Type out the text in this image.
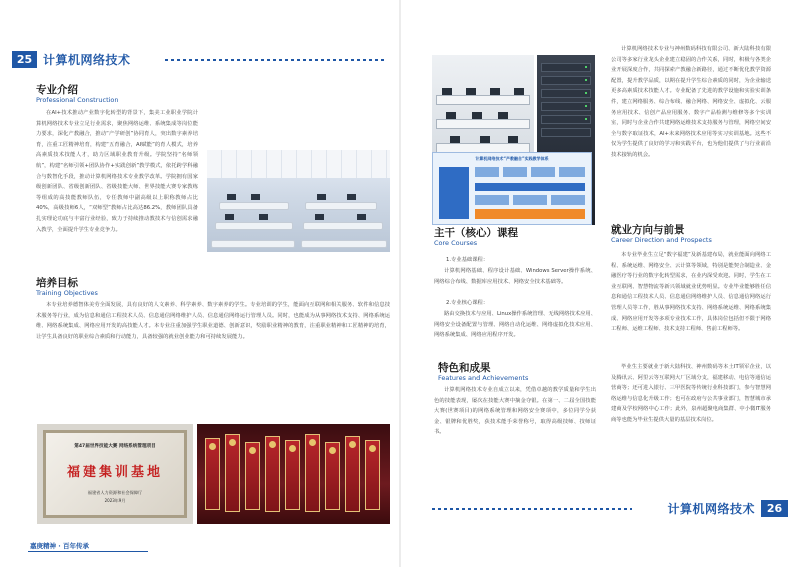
25 计算机网络技术
专业介绍
Professional Construction
在AI+技术推动产业数字化转型的背景下，集美工业职业学院计算机网络技术专业立足行业需求，聚焦网络运维、系统集成等岗位能力要求，深化产教融合，推动“产学研创”协同育人，突出数字素养培育，注重工匠精神培育，构建“五育融合，AI赋能”的育人模式，培养高素质技术技能人才，助力区域职业教育升级。学院坚持“名师领航”，构建“名师引领+团队协作+实践创新”教学模式，依托跨学科融合与数智化手段，推动计算机网络技术专业教学改革。学院拥有国家级创新团队、省级创新团队、省级技能大师、世界技能大赛专家教练等组成的高技能教师队伍，专任教师中副高级以上职称教师占比40%，高级技师6人，“双师型”教师占比高达86.2%，教师团队具备扎实理论功底与丰富行业经验，致力于持续推动教技术与信创需求融入教学，全面提升学生专业竞争力。
培养目标
Training Objectives
本专业培养德智体美劳全面发展，具有良好的人文素养、科学素养、数字素养的学生。专业培训的学生，能面向互联网和相关服务、软件和信息技术服务等行业，成为信息和通信工程技术人员、信息通信网络维护人员、信息通信网络运行管理人员。同时，也能成为从事网络技术支持、网络系统运维、网络系统集成、网络应用开发的高技能人才。本专业注重加强学生职业道德、创新意识，奖励职业精神的教育，注重职业精神和工匠精神的培育，让学生具备良好的职业综合素质和行动能力，具备较强的就业创业能力和可持续发展能力。
第47届世界技能大赛 网络系统管理项目
福建集训基地
福建省人力资源和社会保障厅
2023年9月
嘉庚精神 · 百年传承
计算机网络技术“产教融合”实践教学体系
计算机网络技术专业与神州数码科技有限公司、新大陆科技有限公司等多家行业龙头企业建立稳固的合作关系，同时，积极与各类企业开展深度合作，共同探索产教融合新路径，通过不断优化教学资源配置，提升教学品质，以期在提升学生综合素质的同时，为企业输送更多高素质技术技能人才。专业配备了先进的教学设施和实验实训条件，建立网络服务、综合布线、融合网络、网络安全、虚拟化、云服务应用技术、信创产品应用服务、数字产品检测与维修等多个实训室，同时与企业合作共建网络运维技术支持服务与管理，网络空间安全与数字取证技术，AI+未来网络技术应用等实习实训基地。这些不仅为学生提供了良好的学习和实践平台，也为他们提供了与行业前沿技术接轨的机会。
主干（核心）课程
Core Courses
1.专业基础课程：
计算机网络基础、程序设计基础、Windows Server操作系统、网络综合布线、数据库应用技术、网络安全技术基础等。
2.专业核心课程：
路由交换技术与应用、Linux操作系统管理、无线网络技术应用、网络安全设备配置与管理、网络自动化运维、网络虚拟化技术应用、网络系统集成、网络应用程序开发。
特色和成果
Features and Achievements
计算机网络技术专业自成立以来，凭借卓越的教学质量和学生出色的技能表现，屡次在技能大赛中摘金夺银。在第一、二届全国技能大赛(世赛项目)的网络系统管理和网络安全赛项中，多位同学分获金、银牌和优胜奖，获技术能手荣誉称号，取得高级技师、技师证书。
就业方向与前景
Career Direction and Prospects
本专业毕业生立足“数字福建”及新基建布局，就业能面向网络工程、系统运维、网络安全、云计算等领域，特别是能契合制造业、金融医疗等行业的数字化转型需求，在业内深受欢迎。同时，学生在工业互联网、智慧物流等新兴领域就业优势明显。专业毕业能够胜任信息和通信工程技术人员、信息通信网络维护人员、信息通信网络运行管理人员等工作，胜从事网络技术支持、网络系统运维、网络系统集成、网络应用开发等多项专业技术工作，具体岗位包括但不限于网络工程师、运维工程师、技术支持工程师、售前工程师等。
毕业生主要就业于新大陆科技、神州数码等本土IT领军企业，以及腾讯云、阿里云等互联网大厂区域分支，福建移动、电信等通信运营商等；还可进入银行、三甲医院等传统行业科技部门，参与智慧网络运维与信息化升级工作；也可在政府与公共事业部门，智慧城市承建商及学校网络中心工作；此外，泉州超聚电商集群、中小微IT服务商等也能为毕业生提供大量的基层技术岗位。
计算机网络技术	26
